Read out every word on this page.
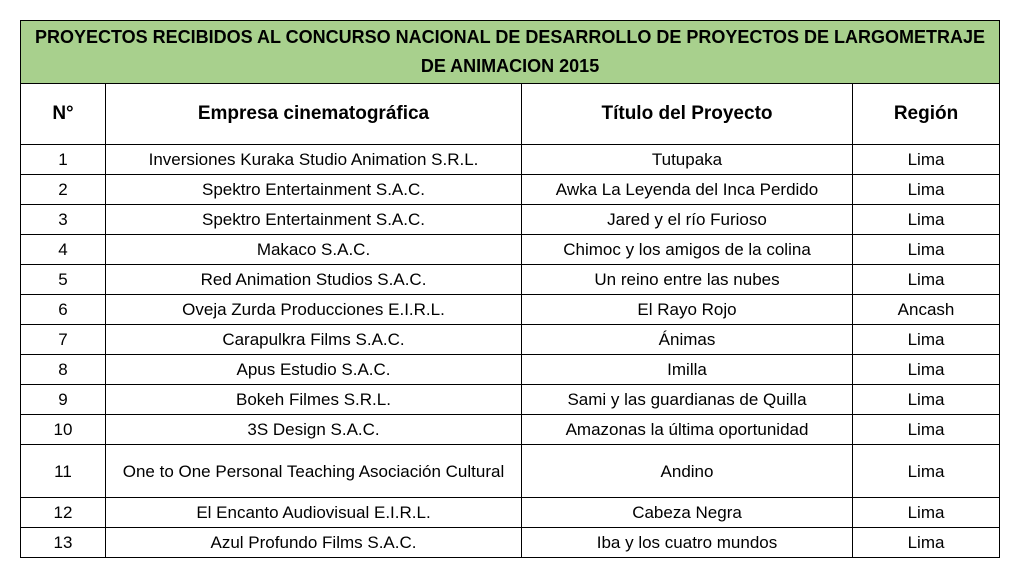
PROYECTOS RECIBIDOS AL CONCURSO NACIONAL DE DESARROLLO DE PROYECTOS DE LARGOMETRAJE DE ANIMACION 2015			
N°	Empresa cinematográfica	Título del Proyecto	Región
1	Inversiones Kuraka Studio Animation S.R.L.	Tutupaka	Lima
2	Spektro Entertainment S.A.C.	Awka La Leyenda del Inca Perdido	Lima
3	Spektro Entertainment S.A.C.	Jared y el río Furioso	Lima
4	Makaco S.A.C.	Chimoc y los amigos de la colina	Lima
5	Red Animation Studios S.A.C.	Un reino entre las nubes	Lima
6	Oveja Zurda Producciones E.I.R.L.	El Rayo Rojo	Ancash
7	Carapulkra Films S.A.C.	Ánimas	Lima
8	Apus Estudio S.A.C.	Imilla	Lima
9	Bokeh Filmes S.R.L.	Sami y las guardianas de Quilla	Lima
10	3S Design S.A.C.	Amazonas la última oportunidad	Lima
11	One to One Personal Teaching Asociación Cultural	Andino	Lima
12	El Encanto Audiovisual E.I.R.L.	Cabeza Negra	Lima
13	Azul Profundo Films S.A.C.	Iba y los cuatro mundos	Lima
